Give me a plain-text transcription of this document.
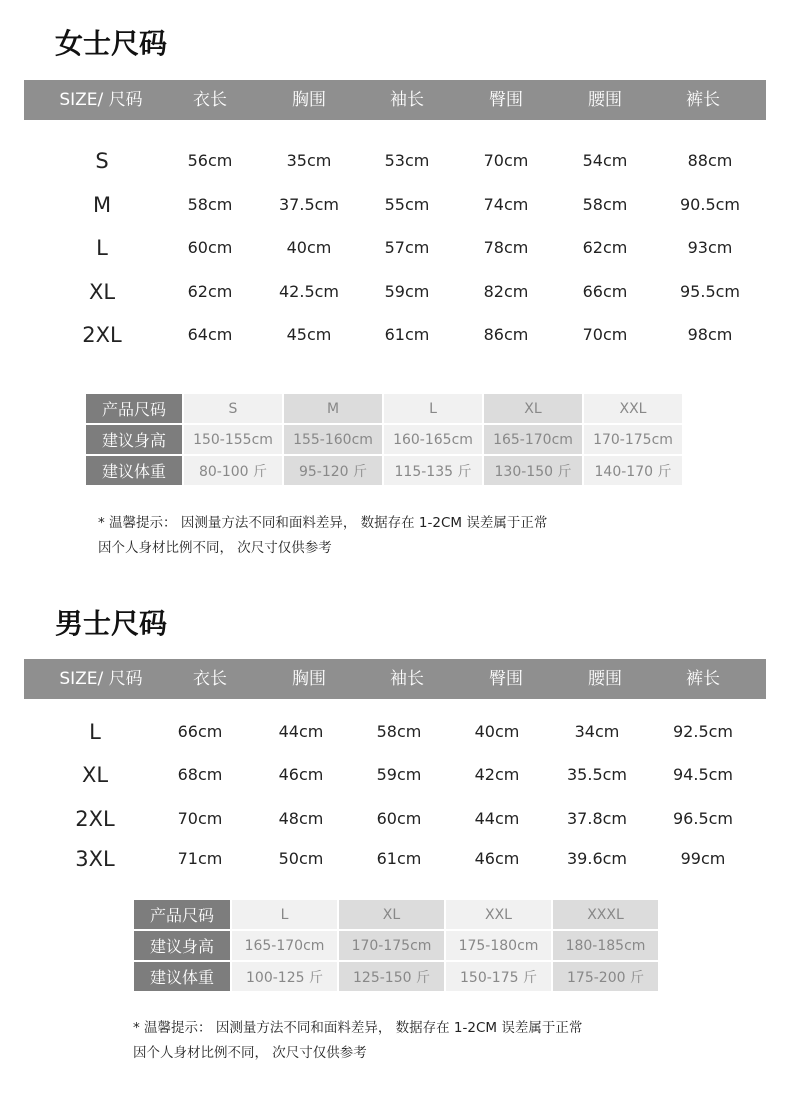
女士尺码
SIZE/ 尺码	衣长	胸围	袖长	臀围	腰围	裤长
S	56cm	35cm	53cm	70cm	54cm	88cm
M	58cm	37.5cm	55cm	74cm	58cm	90.5cm
L	60cm	40cm	57cm	78cm	62cm	93cm
XL	62cm	42.5cm	59cm	82cm	66cm	95.5cm
2XL	64cm	45cm	61cm	86cm	70cm	98cm
产品尺码	S	M	L	XL	XXL
建议身高	150-155cm	155-160cm	160-165cm	165-170cm	170-175cm
建议体重	80-100 斤	95-120 斤	115-135 斤	130-150 斤	140-170 斤
* 温馨提示： 因测量方法不同和面料差异， 数据存在 1-2CM 误差属于正常
因个人身材比例不同， 次尺寸仅供参考
男士尺码
SIZE/ 尺码	衣长	胸围	袖长	臀围	腰围	裤长
L	66cm	44cm	58cm	40cm	34cm	92.5cm
XL	68cm	46cm	59cm	42cm	35.5cm	94.5cm
2XL	70cm	48cm	60cm	44cm	37.8cm	96.5cm
3XL	71cm	50cm	61cm	46cm	39.6cm	99cm
产品尺码	L	XL	XXL	XXXL
建议身高	165-170cm	170-175cm	175-180cm	180-185cm
建议体重	100-125 斤	125-150 斤	150-175 斤	175-200 斤
* 温馨提示： 因测量方法不同和面料差异， 数据存在 1-2CM 误差属于正常
因个人身材比例不同， 次尺寸仅供参考
